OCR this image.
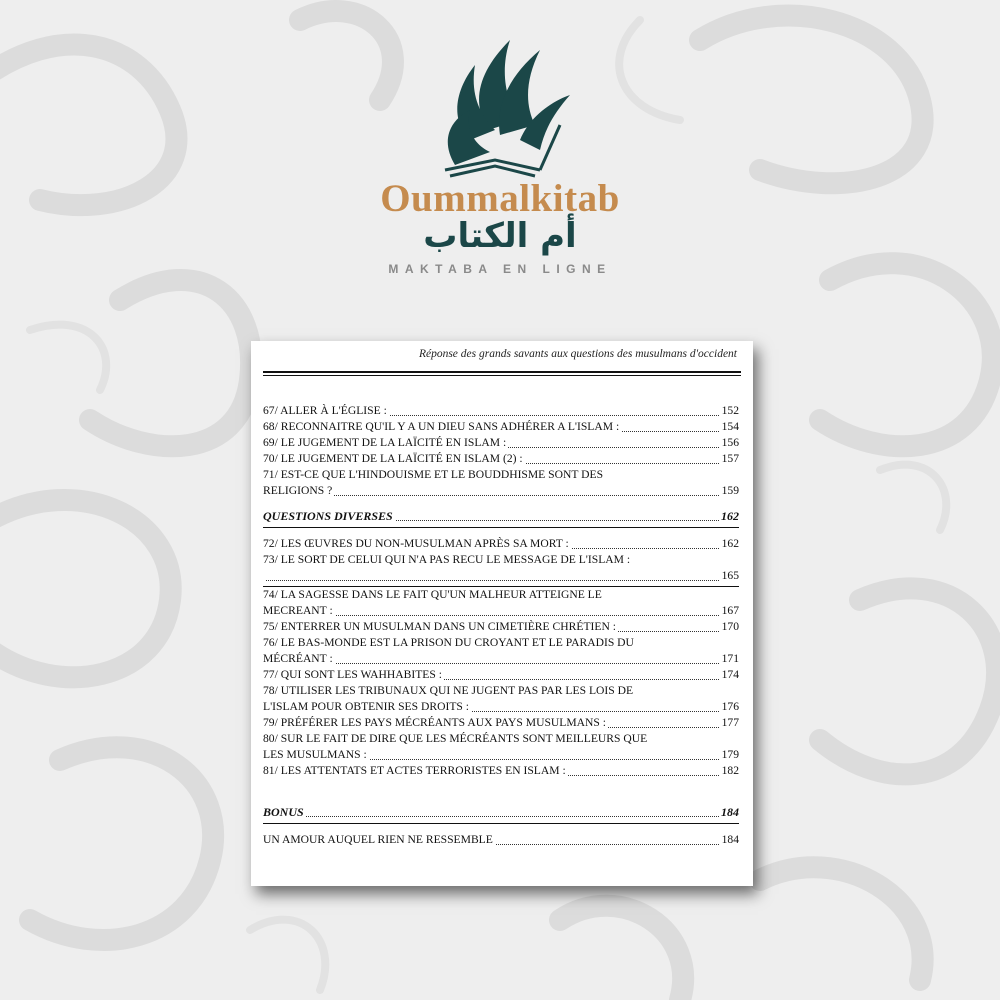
Oummalkitab
أم الكتاب
MAKTABA EN LIGNE
Réponse des grands savants aux questions des musulmans d'occident
67/ ALLER À L'ÉGLISE :	152
68/ RECONNAITRE QU'IL Y A UN DIEU SANS ADHÉRER A L'ISLAM :	154
69/ LE JUGEMENT DE LA LAÏCITÉ EN ISLAM :	156
70/ LE JUGEMENT DE LA LAÏCITÉ EN ISLAM (2) :	157
71/ EST-CE QUE L'HINDOUISME ET LE BOUDDHISME SONT DES
RELIGIONS ?	159
QUESTIONS DIVERSES	162
72/ LES ŒUVRES DU NON-MUSULMAN APRÈS SA MORT :	162
73/ LE SORT DE CELUI QUI N'A PAS RECU LE MESSAGE DE L'ISLAM :
165
74/ LA SAGESSE DANS LE FAIT QU'UN MALHEUR ATTEIGNE LE
MECREANT :	167
75/ ENTERRER UN MUSULMAN DANS UN CIMETIÈRE CHRÉTIEN :	170
76/ LE BAS-MONDE EST LA PRISON DU CROYANT ET LE PARADIS DU
MÉCRÉANT :	171
77/ QUI SONT LES WAHHABITES :	174
78/ UTILISER LES TRIBUNAUX QUI NE JUGENT PAS PAR LES LOIS DE
L'ISLAM POUR OBTENIR SES DROITS :	176
79/ PRÉFÉRER LES PAYS MÉCRÉANTS AUX PAYS MUSULMANS :	177
80/ SUR LE FAIT DE DIRE QUE LES MÉCRÉANTS SONT MEILLEURS QUE
LES MUSULMANS :	179
81/ LES ATTENTATS ET ACTES TERRORISTES EN ISLAM :	182
BONUS	184
UN AMOUR AUQUEL RIEN NE RESSEMBLE	184
